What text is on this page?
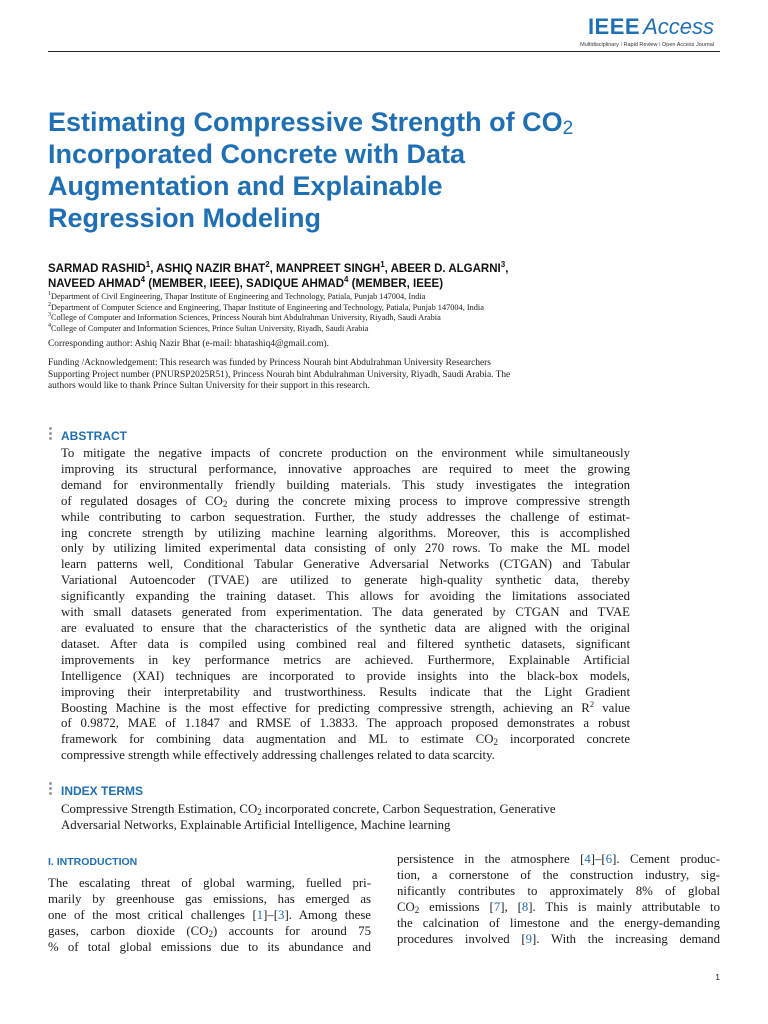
IEEE Access
Multidisciplinary ⁞ Rapid Review ⁞ Open Access Journal
Estimating Compressive Strength of $CO_2$
Incorporated Concrete with Data
Augmentation and Explainable
Regression Modeling
SARMAD RASHID$^1$, ASHIQ NAZIR BHAT$^2$, MANPREET SINGH$^1$, ABEER D. ALGARNI$^3$,
NAVEED AHMAD$^4$ (MEMBER, IEEE), SADIQUE AHMAD$^4$ (MEMBER, IEEE)
$^1$Department of Civil Engineering, Thapar Institute of Engineering and Technology, Patiala, Punjab 147004, India
$^2$Department of Computer Science and Engineering, Thapar Institute of Engineering and Technology, Patiala, Punjab 147004, India
$^3$College of Computer and Information Sciences, Princess Nourah bint Abdulrahman University, Riyadh, Saudi Arabia
$^4$College of Computer and Information Sciences, Prince Sultan University, Riyadh, Saudi Arabia
Corresponding author: Ashiq Nazir Bhat (e-mail: bhatashiq4@gmail.com).
Funding /Acknowledgement: This research was funded by Princess Nourah bint Abdulrahman University Researchers
Supporting Project number (PNURSP2025R51), Princess Nourah bint Abdulrahman University, Riyadh, Saudi Arabia. The
authors would like to thank Prince Sultan University for their support in this research.
ABSTRACT
To mitigate the negative impacts of concrete production on the environment while simultaneously
improving its structural performance, innovative approaches are required to meet the growing
demand for environmentally friendly building materials. This study investigates the integration
of regulated dosages of $CO_2$ during the concrete mixing process to improve compressive strength
while contributing to carbon sequestration. Further, the study addresses the challenge of estimat-
ing concrete strength by utilizing machine learning algorithms. Moreover, this is accomplished
only by utilizing limited experimental data consisting of only 270 rows. To make the ML model
learn patterns well, Conditional Tabular Generative Adversarial Networks (CTGAN) and Tabular
Variational Autoencoder (TVAE) are utilized to generate high-quality synthetic data, thereby
significantly expanding the training dataset. This allows for avoiding the limitations associated
with small datasets generated from experimentation. The data generated by CTGAN and TVAE
are evaluated to ensure that the characteristics of the synthetic data are aligned with the original
dataset. After data is compiled using combined real and filtered synthetic datasets, significant
improvements in key performance metrics are achieved. Furthermore, Explainable Artificial
Intelligence (XAI) techniques are incorporated to provide insights into the black-box models,
improving their interpretability and trustworthiness. Results indicate that the Light Gradient
Boosting Machine is the most effective for predicting compressive strength, achieving an $R^2$ value
of 0.9872, MAE of 1.1847 and RMSE of 1.3833. The approach proposed demonstrates a robust
framework for combining data augmentation and ML to estimate $CO_2$ incorporated concrete
compressive strength while effectively addressing challenges related to data scarcity.
INDEX TERMS
Compressive Strength Estimation, $CO_2$ incorporated concrete, Carbon Sequestration, Generative
Adversarial Networks, Explainable Artificial Intelligence, Machine learning
I. INTRODUCTION
The escalating threat of global warming, fuelled pri-
marily by greenhouse gas emissions, has emerged as
one of the most critical challenges [1]–[3]. Among these
gases, carbon dioxide $(CO_2)$ accounts for around 75
% of total global emissions due to its abundance and
persistence in the atmosphere [4]–[6]. Cement produc-
tion, a cornerstone of the construction industry, sig-
nificantly contributes to approximately 8% of global
$CO_2$ emissions [7], [8]. This is mainly attributable to
the calcination of limestone and the energy-demanding
procedures involved [9]. With the increasing demand
1
